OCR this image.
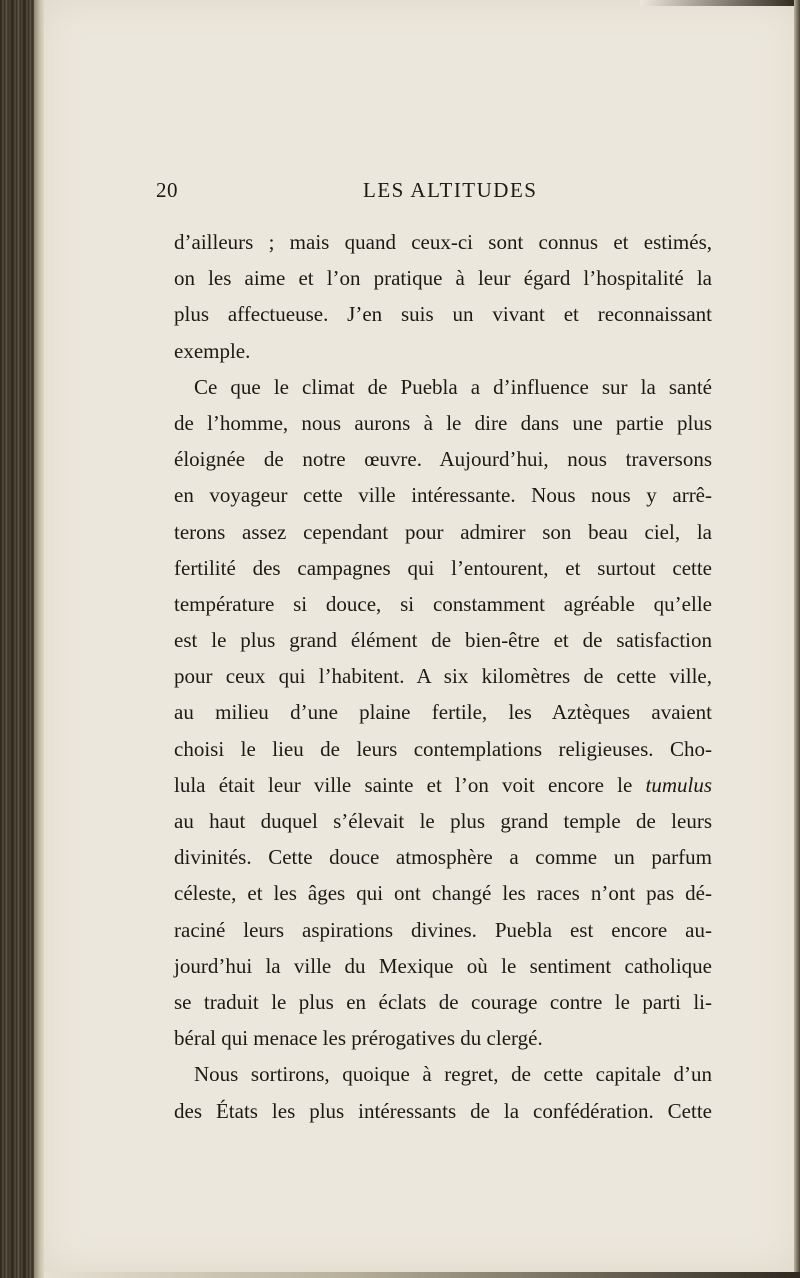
20	LES ALTITUDES
d’ailleurs ; mais quand ceux-ci sont connus et estimés,
on les aime et l’on pratique à leur égard l’hospitalité la
plus affectueuse. J’en suis un vivant et reconnaissant
exemple.
Ce que le climat de Puebla a d’influence sur la santé
de l’homme, nous aurons à le dire dans une partie plus
éloignée de notre œuvre. Aujourd’hui, nous traversons
en voyageur cette ville intéressante. Nous nous y arrê-
terons assez cependant pour admirer son beau ciel, la
fertilité des campagnes qui l’entourent, et surtout cette
température si douce, si constamment agréable qu’elle
est le plus grand élément de bien-être et de satisfaction
pour ceux qui l’habitent. A six kilomètres de cette ville,
au milieu d’une plaine fertile, les Aztèques avaient
choisi le lieu de leurs contemplations religieuses. Cho-
lula était leur ville sainte et l’on voit encore le tumulus
au haut duquel s’élevait le plus grand temple de leurs
divinités. Cette douce atmosphère a comme un parfum
céleste, et les âges qui ont changé les races n’ont pas dé-
raciné leurs aspirations divines. Puebla est encore au-
jourd’hui la ville du Mexique où le sentiment catholique
se traduit le plus en éclats de courage contre le parti li-
béral qui menace les prérogatives du clergé.
Nous sortirons, quoique à regret, de cette capitale d’un
des États les plus intéressants de la confédération. Cette
